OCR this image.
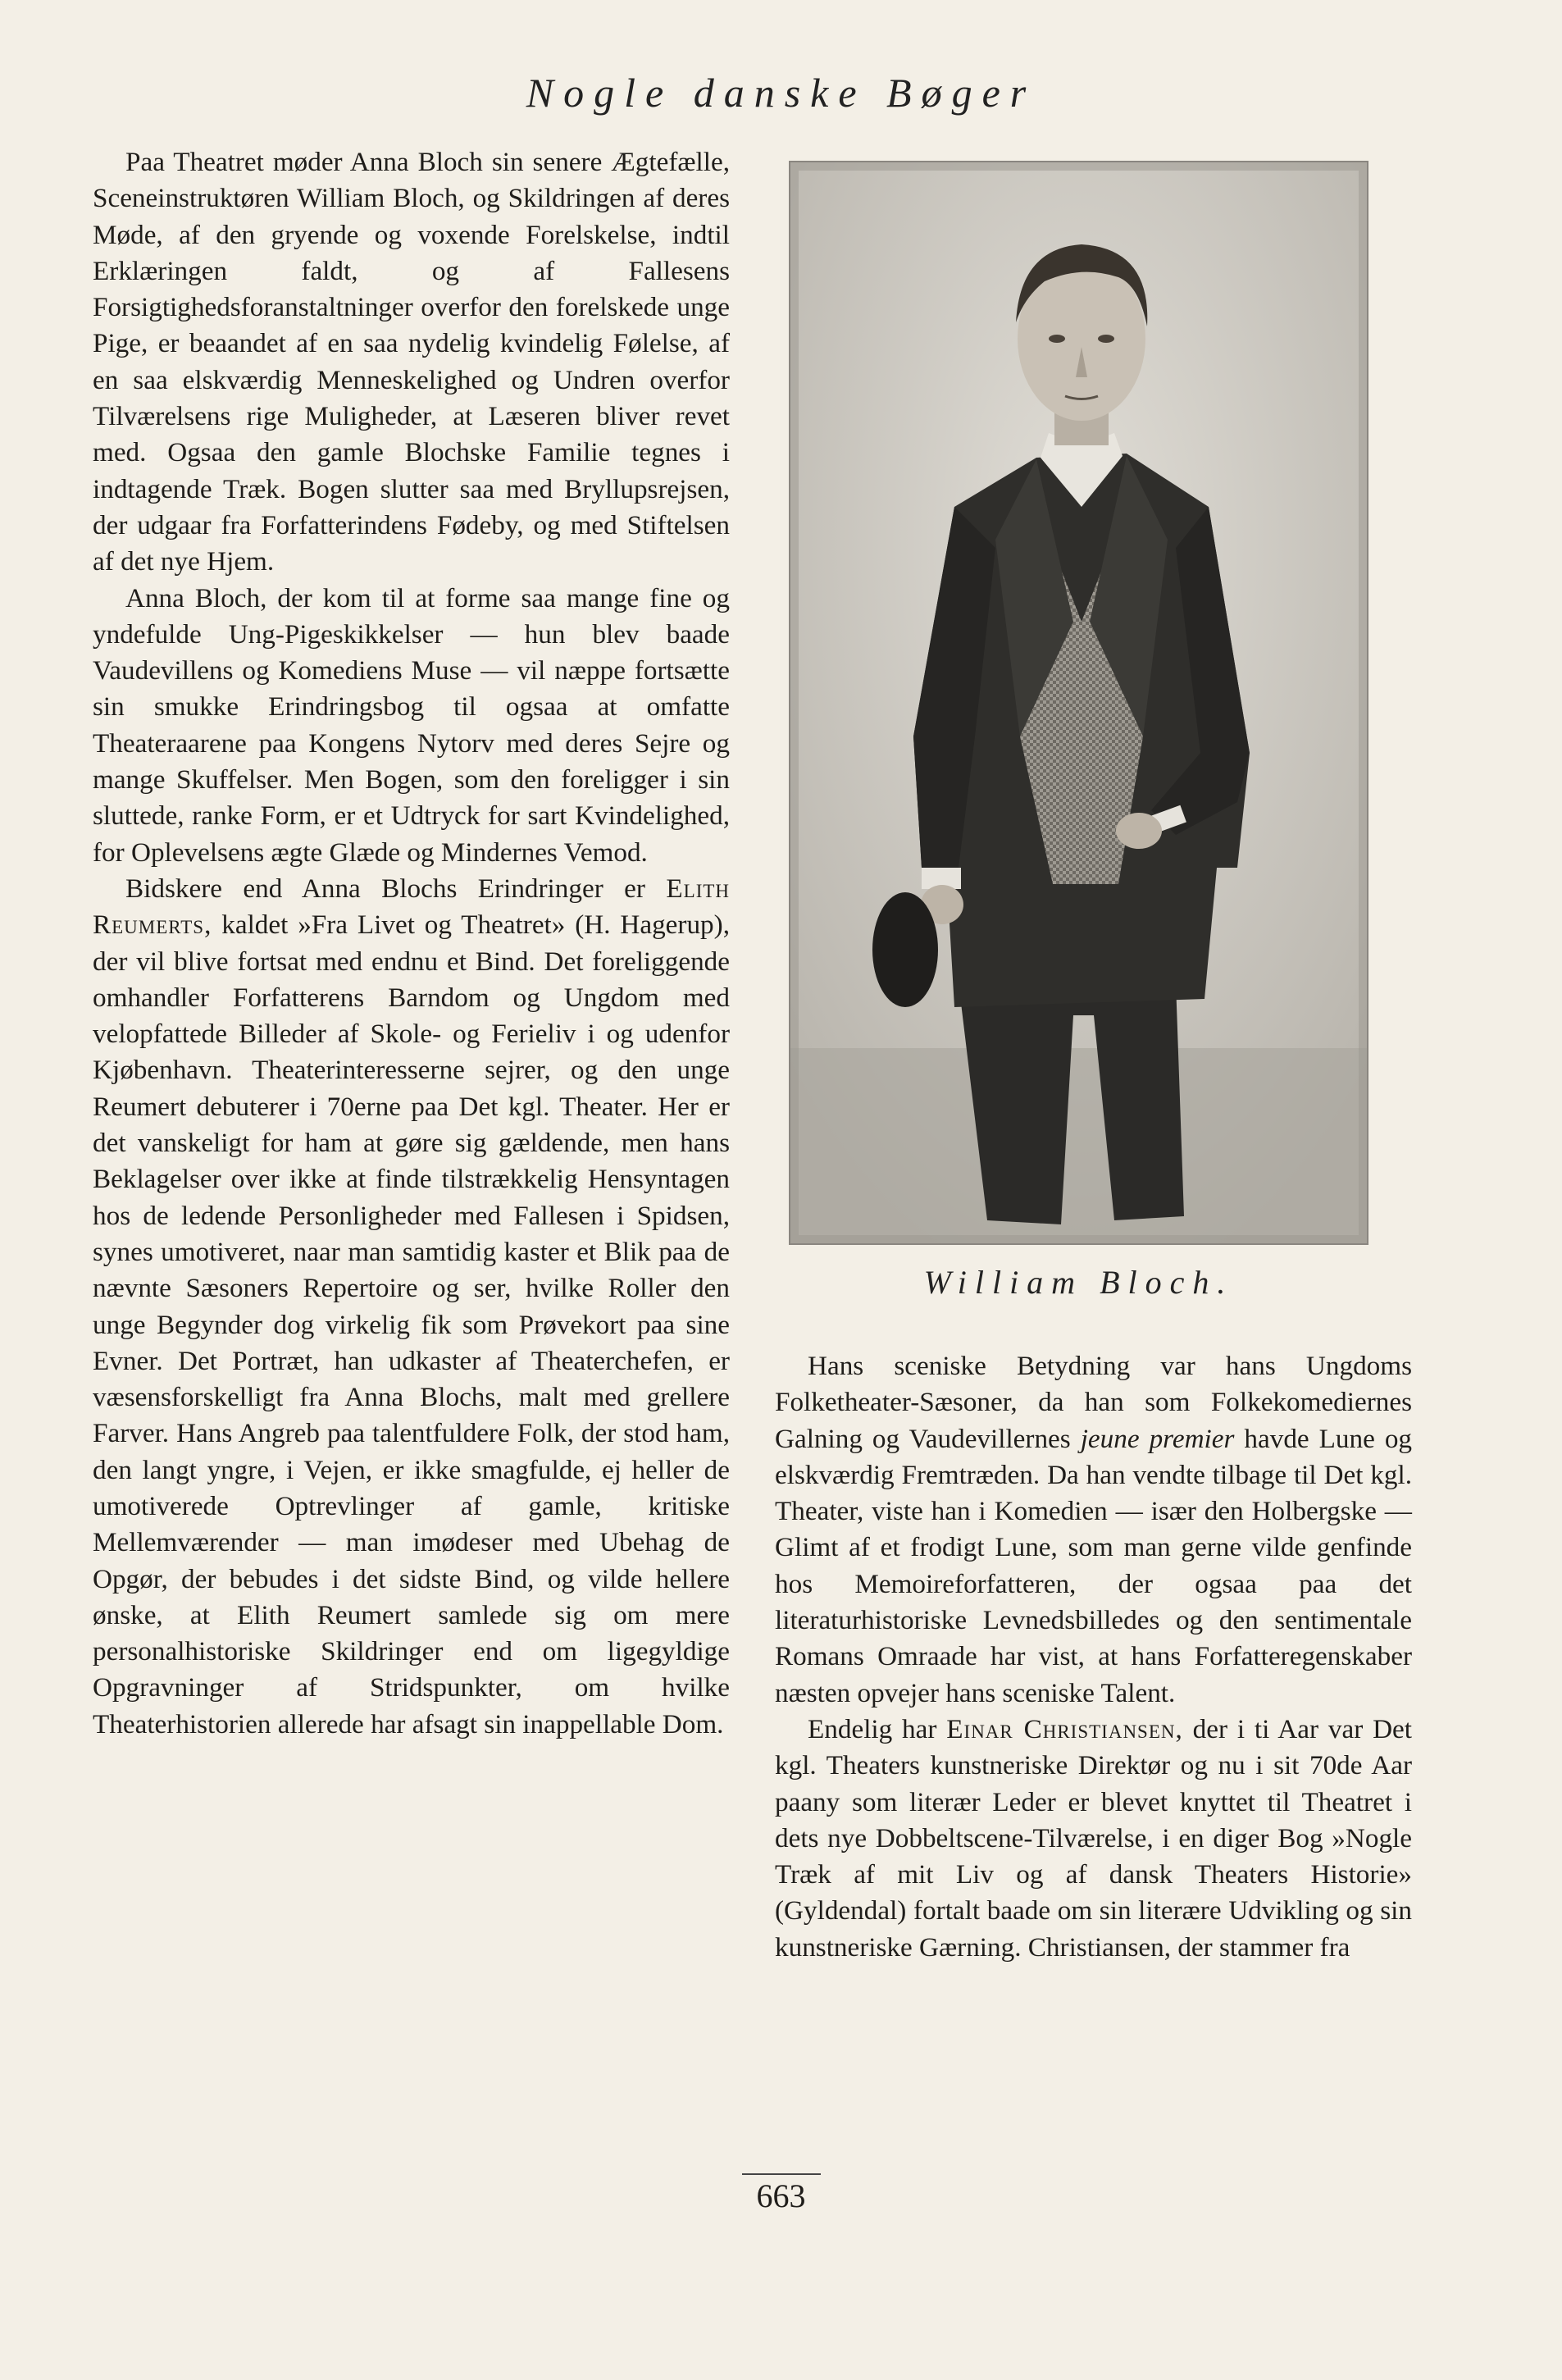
Nogle danske Bøger

Paa Theatret møder Anna Bloch sin senere Ægtefælle, Sceneinstruktøren William Bloch, og Skildringen af deres Møde, af den gryende og voxende Forelskelse, indtil Erklæringen faldt, og af Fallesens Forsigtighedsforanstaltninger overfor den forelskede unge Pige, er beaandet af en saa nydelig kvindelig Følelse, af en saa elskværdig Menneskelighed og Undren overfor Tilværelsens rige Muligheder, at Læseren bliver revet med. Ogsaa den gamle Blochske Familie tegnes i indtagende Træk. Bogen slutter saa med Bryllupsrejsen, der udgaar fra Forfatterindens Fødeby, og med Stiftelsen af det nye Hjem.

Anna Bloch, der kom til at forme saa mange fine og yndefulde Ung-Pigeskikkelser — hun blev baade Vaudevillens og Komediens Muse — vil næppe fortsætte sin smukke Erindringsbog til ogsaa at omfatte Theateraarene paa Kongens Nytorv med deres Sejre og mange Skuffelser. Men Bogen, som den foreligger i sin sluttede, ranke Form, er et Udtryck for sart Kvindelighed, for Oplevelsens ægte Glæde og Mindernes Vemod.

Bidskere end Anna Blochs Erindringer er Elith Reumerts, kaldet »Fra Livet og Theatret» (H. Hagerup), der vil blive fortsat med endnu et Bind. Det foreliggende omhandler Forfatterens Barndom og Ungdom med velopfattede Billeder af Skole- og Ferieliv i og udenfor Kjøbenhavn. Theaterinteresserne sejrer, og den unge Reumert debuterer i 70erne paa Det kgl. Theater. Her er det vanskeligt for ham at gøre sig gældende, men hans Beklagelser over ikke at finde tilstrækkelig Hensyntagen hos de ledende Personligheder med Fallesen i Spidsen, synes umotiveret, naar man samtidig kaster et Blik paa de nævnte Sæsoners Repertoire og ser, hvilke Roller den unge Begynder dog virkelig fik som Prøvekort paa sine Evner. Det Portræt, han udkaster af Theaterchefen, er væsensforskelligt fra Anna Blochs, malt med grellere Farver. Hans Angreb paa talentfuldere Folk, der stod ham, den langt yngre, i Vejen, er ikke smagfulde, ej heller de umotiverede Optrevlinger af gamle, kritiske Mellemværender — man imødeser med Ubehag de Opgør, der bebudes i det sidste Bind, og vilde hellere ønske, at Elith Reumert samlede sig om mere personalhistoriske Skildringer end om ligegyldige Opgravninger af Stridspunkter, om hvilke Theaterhistorien allerede har afsagt sin inappellable Dom.

William Bloch.

Hans sceniske Betydning var hans Ungdoms Folketheater-Sæsoner, da han som Folkekomediernes Galning og Vaudevillernes jeune premier havde Lune og elskværdig Fremtræden. Da han vendte tilbage til Det kgl. Theater, viste han i Komedien — især den Holbergske — Glimt af et frodigt Lune, som man gerne vilde genfinde hos Memoireforfatteren, der ogsaa paa det literaturhistoriske Levnedsbilledes og den sentimentale Romans Omraade har vist, at hans Forfatteregenskaber næsten opvejer hans sceniske Talent.

Endelig har Einar Christiansen, der i ti Aar var Det kgl. Theaters kunstneriske Direktør og nu i sit 70de Aar paany som literær Leder er blevet knyttet til Theatret i dets nye Dobbeltscene-Tilværelse, i en diger Bog »Nogle Træk af mit Liv og af dansk Theaters Historie» (Gyldendal) fortalt baade om sin literære Udvikling og sin kunstneriske Gærning. Christiansen, der stammer fra

663
